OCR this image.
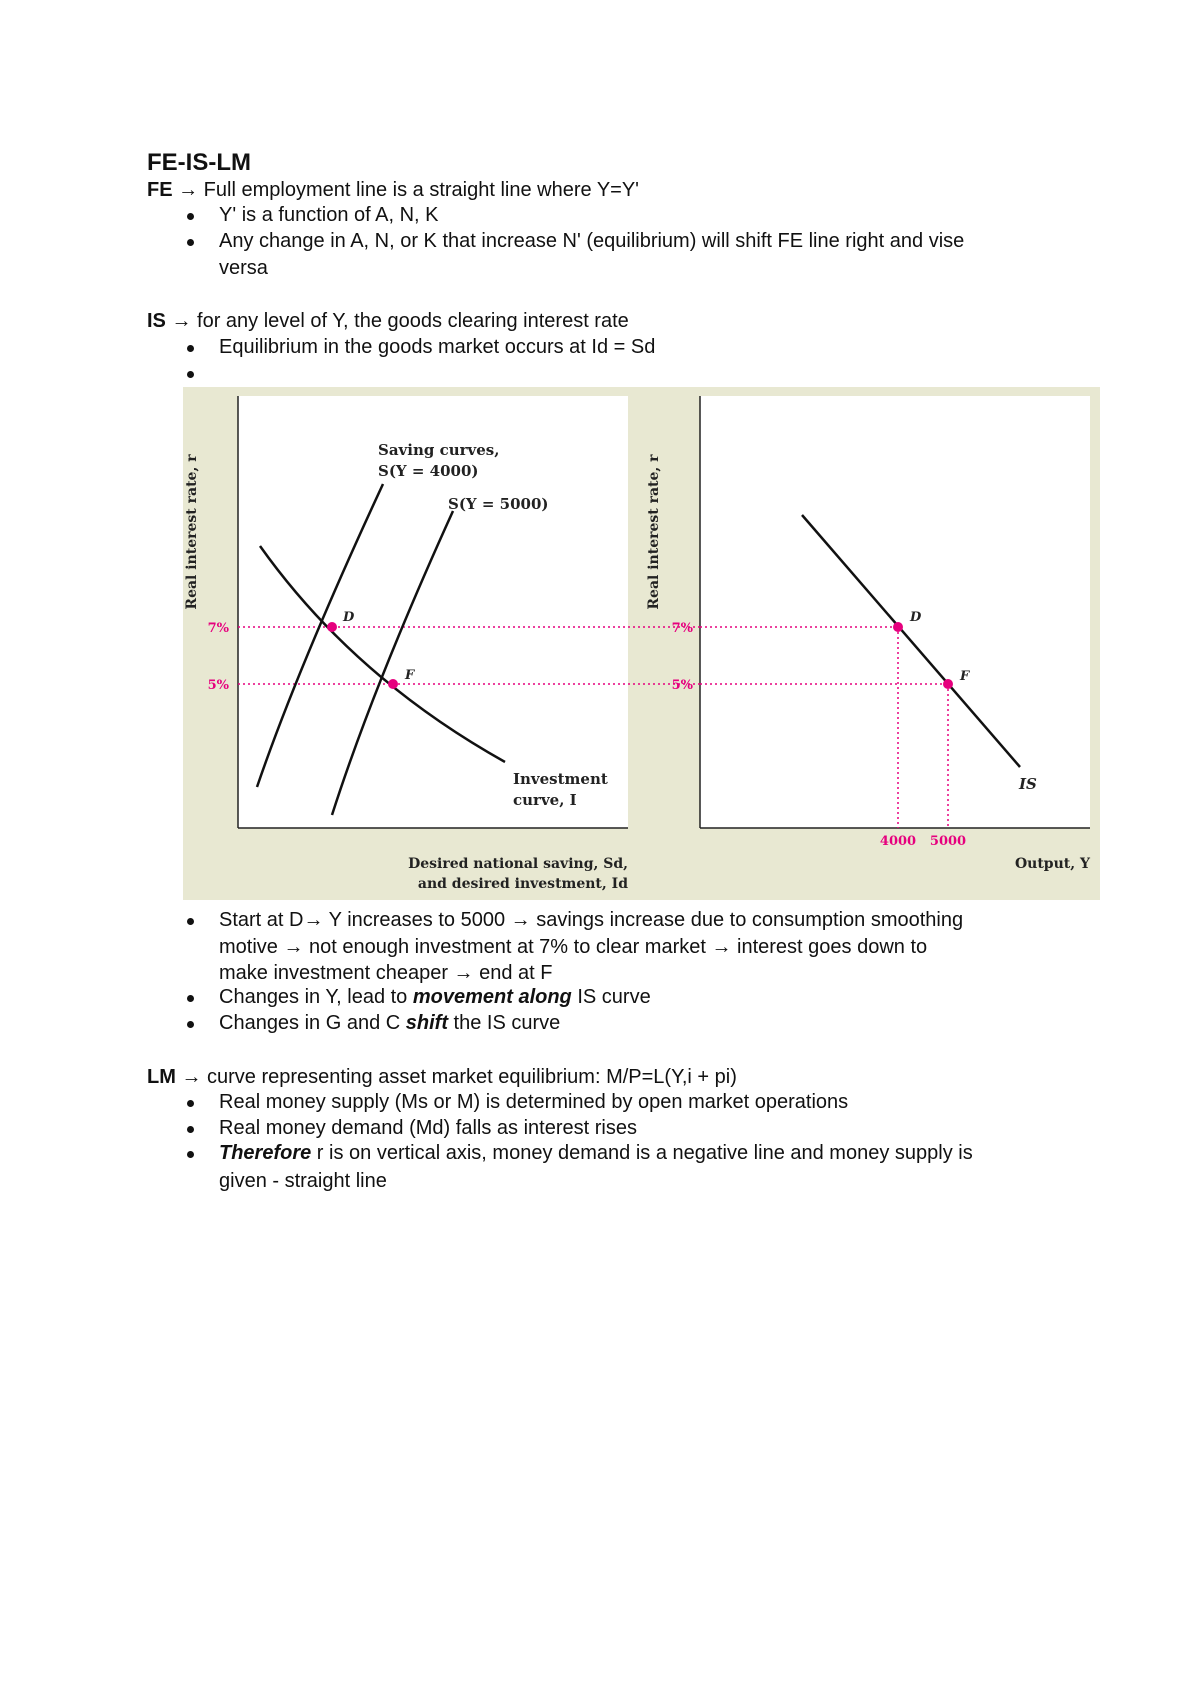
FE-IS-LM
FE → Full employment line is a straight line where Y=Y'
Y' is a function of A, N, K
Any change in A, N, or K that increase N' (equilibrium) will shift FE line right and vise
versa
IS → for any level of Y, the goods clearing interest rate
Equilibrium in the goods market occurs at Id = Sd
Real interest rate, r
Saving curves,
S(Y = 4000)
S(Y = 5000)
Investment
curve, I
D
F
7%
5%
Desired national saving, Sd,
and desired investment, Id
Real interest rate, r
D
F
IS
7%
5%
4000 5000
Output, Y
Start at D→ Y increases to 5000 → savings increase due to consumption smoothing
motive → not enough investment at 7% to clear market → interest goes down to
make investment cheaper → end at F
Changes in Y, lead to movement along IS curve
Changes in G and C shift the IS curve
LM → curve representing asset market equilibrium: M/P=L(Y,i + pi)
Real money supply (Ms or M) is determined by open market operations
Real money demand (Md) falls as interest rises
Therefore r is on vertical axis, money demand is a negative line and money supply is
given - straight line
